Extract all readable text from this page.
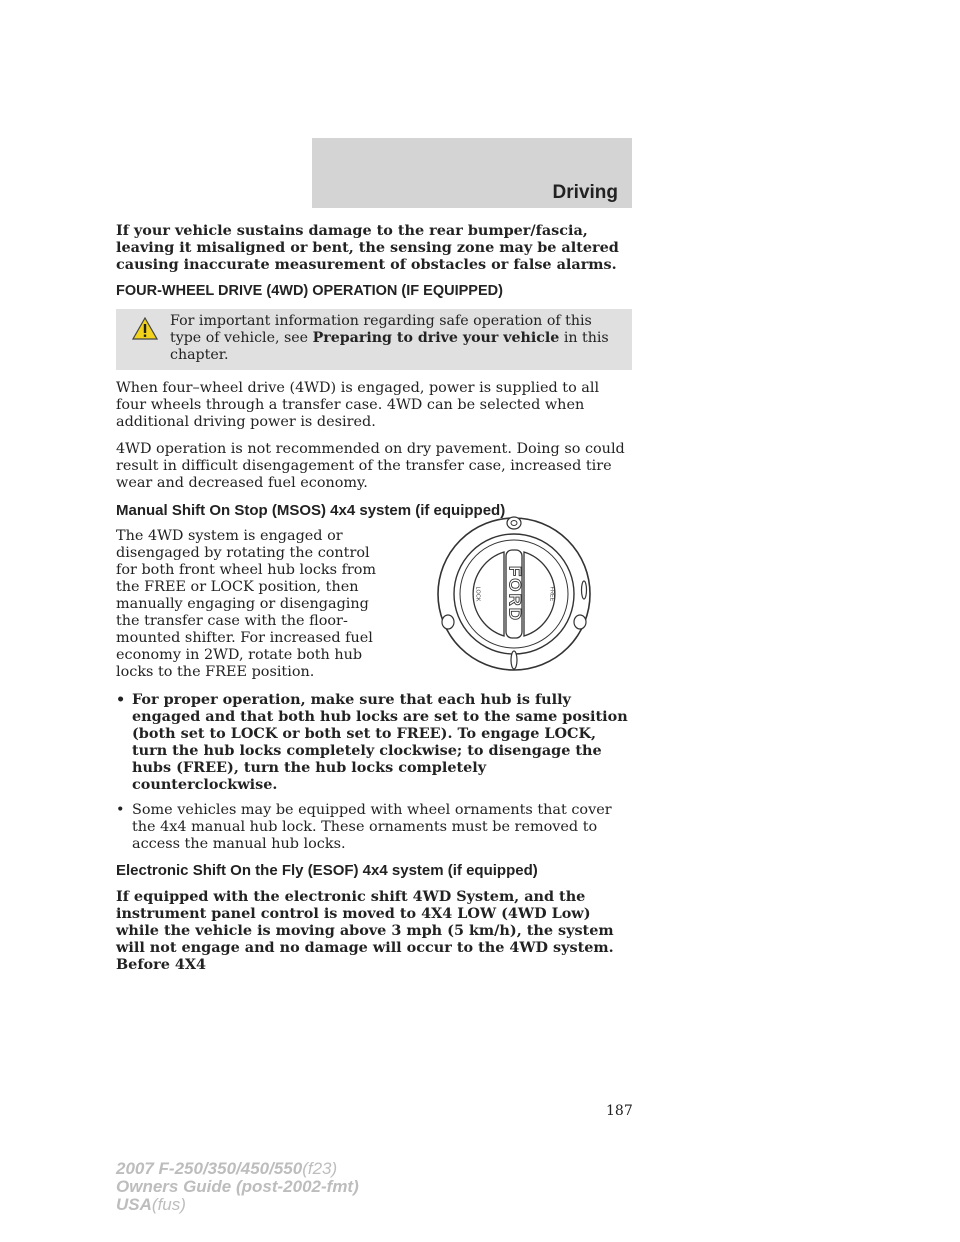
Driving

If your vehicle sustains damage to the rear bumper/fascia, leaving it misaligned or bent, the sensing zone may be altered causing inaccurate measurement of obstacles or false alarms.

FOUR-WHEEL DRIVE (4WD) OPERATION (IF EQUIPPED)
For important information regarding safe operation of this type of vehicle, see Preparing to drive your vehicle in this chapter.

When four–wheel drive (4WD) is engaged, power is supplied to all four wheels through a transfer case. 4WD can be selected when additional driving power is desired.

4WD operation is not recommended on dry pavement. Doing so could result in difficult disengagement of the transfer case, increased tire wear and decreased fuel economy.

Manual Shift On Stop (MSOS) 4x4 system (if equipped)
FORD
LOCK	FREE

The 4WD system is engaged or disengaged by rotating the control for both front wheel hub locks from the FREE or LOCK position, then manually engaging or disengaging the transfer case with the floor-mounted shifter. For increased fuel economy in 2WD, rotate both hub locks to the FREE position.

• For proper operation, make sure that each hub is fully engaged and that both hub locks are set to the same position (both set to LOCK or both set to FREE). To engage LOCK, turn the hub locks completely clockwise; to disengage the hubs (FREE), turn the hub locks completely counterclockwise.
• Some vehicles may be equipped with wheel ornaments that cover the 4x4 manual hub lock. These ornaments must be removed to access the manual hub locks.
Electronic Shift On the Fly (ESOF) 4x4 system (if equipped)

If equipped with the electronic shift 4WD System, and the instrument panel control is moved to 4X4 LOW (4WD Low) while the vehicle is moving above 3 mph (5 km/h), the system will not engage and no damage will occur to the 4WD system. Before 4X4

187
2007 F-250/350/450/550(f23)
Owners Guide (post-2002-fmt)
USA(fus)
